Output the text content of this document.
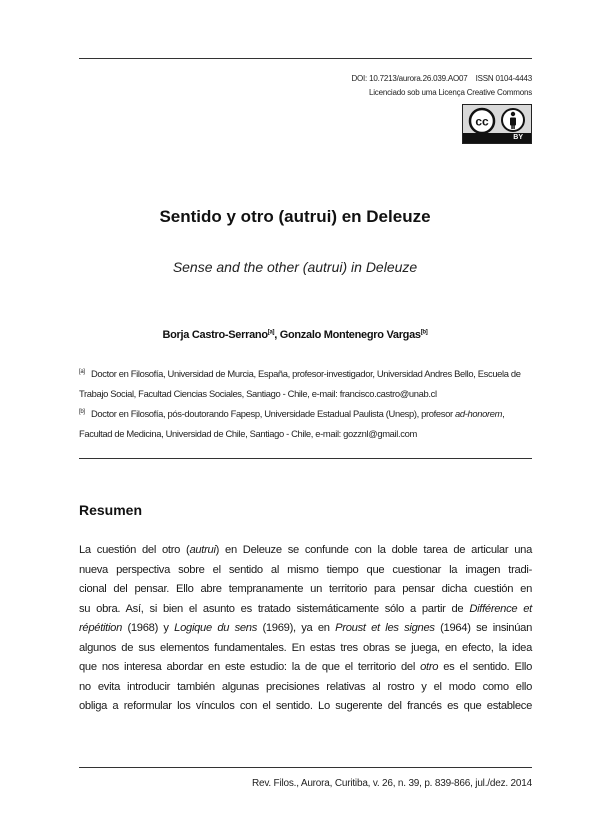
DOI: 10.7213/aurora.26.039.AO07 ISSN 0104-4443
Licenciado sob uma Licença Creative Commons
cc
BY
Sentido y otro (autrui) en Deleuze
Sense and the other (autrui) in Deleuze
Borja Castro-Serrano[a], Gonzalo Montenegro Vargas[b]
[a] Doctor en Filosofía, Universidad de Murcia, España, profesor-investigador, Universidad Andres Bello, Escuela de
Trabajo Social, Facultad Ciencias Sociales, Santiago - Chile, e-mail: francisco.castro@unab.cl
[b] Doctor en Filosofía, pós-doutorando Fapesp, Universidade Estadual Paulista (Unesp), profesor ad-honorem,
Facultad de Medicina, Universidad de Chile, Santiago - Chile, e-mail: gozznl@gmail.com
Resumen

La cuestión del otro (autrui) en Deleuze se confunde con la doble tarea de articular una

nueva perspectiva sobre el sentido al mismo tiempo que cuestionar la imagen tradi-

cional del pensar. Ello abre tempranamente un territorio para pensar dicha cuestión en

su obra. Así, si bien el asunto es tratado sistemáticamente sólo a partir de Différence et

répétition (1968) y Logique du sens (1969), ya en Proust et les signes (1964) se insinúan

algunos de sus elementos fundamentales. En estas tres obras se juega, en efecto, la idea

que nos interesa abordar en este estudio: la de que el territorio del otro es el sentido. Ello

no evita introducir también algunas precisiones relativas al rostro y el modo como ello

obliga a reformular los vínculos con el sentido. Lo sugerente del francés es que establece

Rev. Filos., Aurora, Curitiba, v. 26, n. 39, p. 839-866, jul./dez. 2014
